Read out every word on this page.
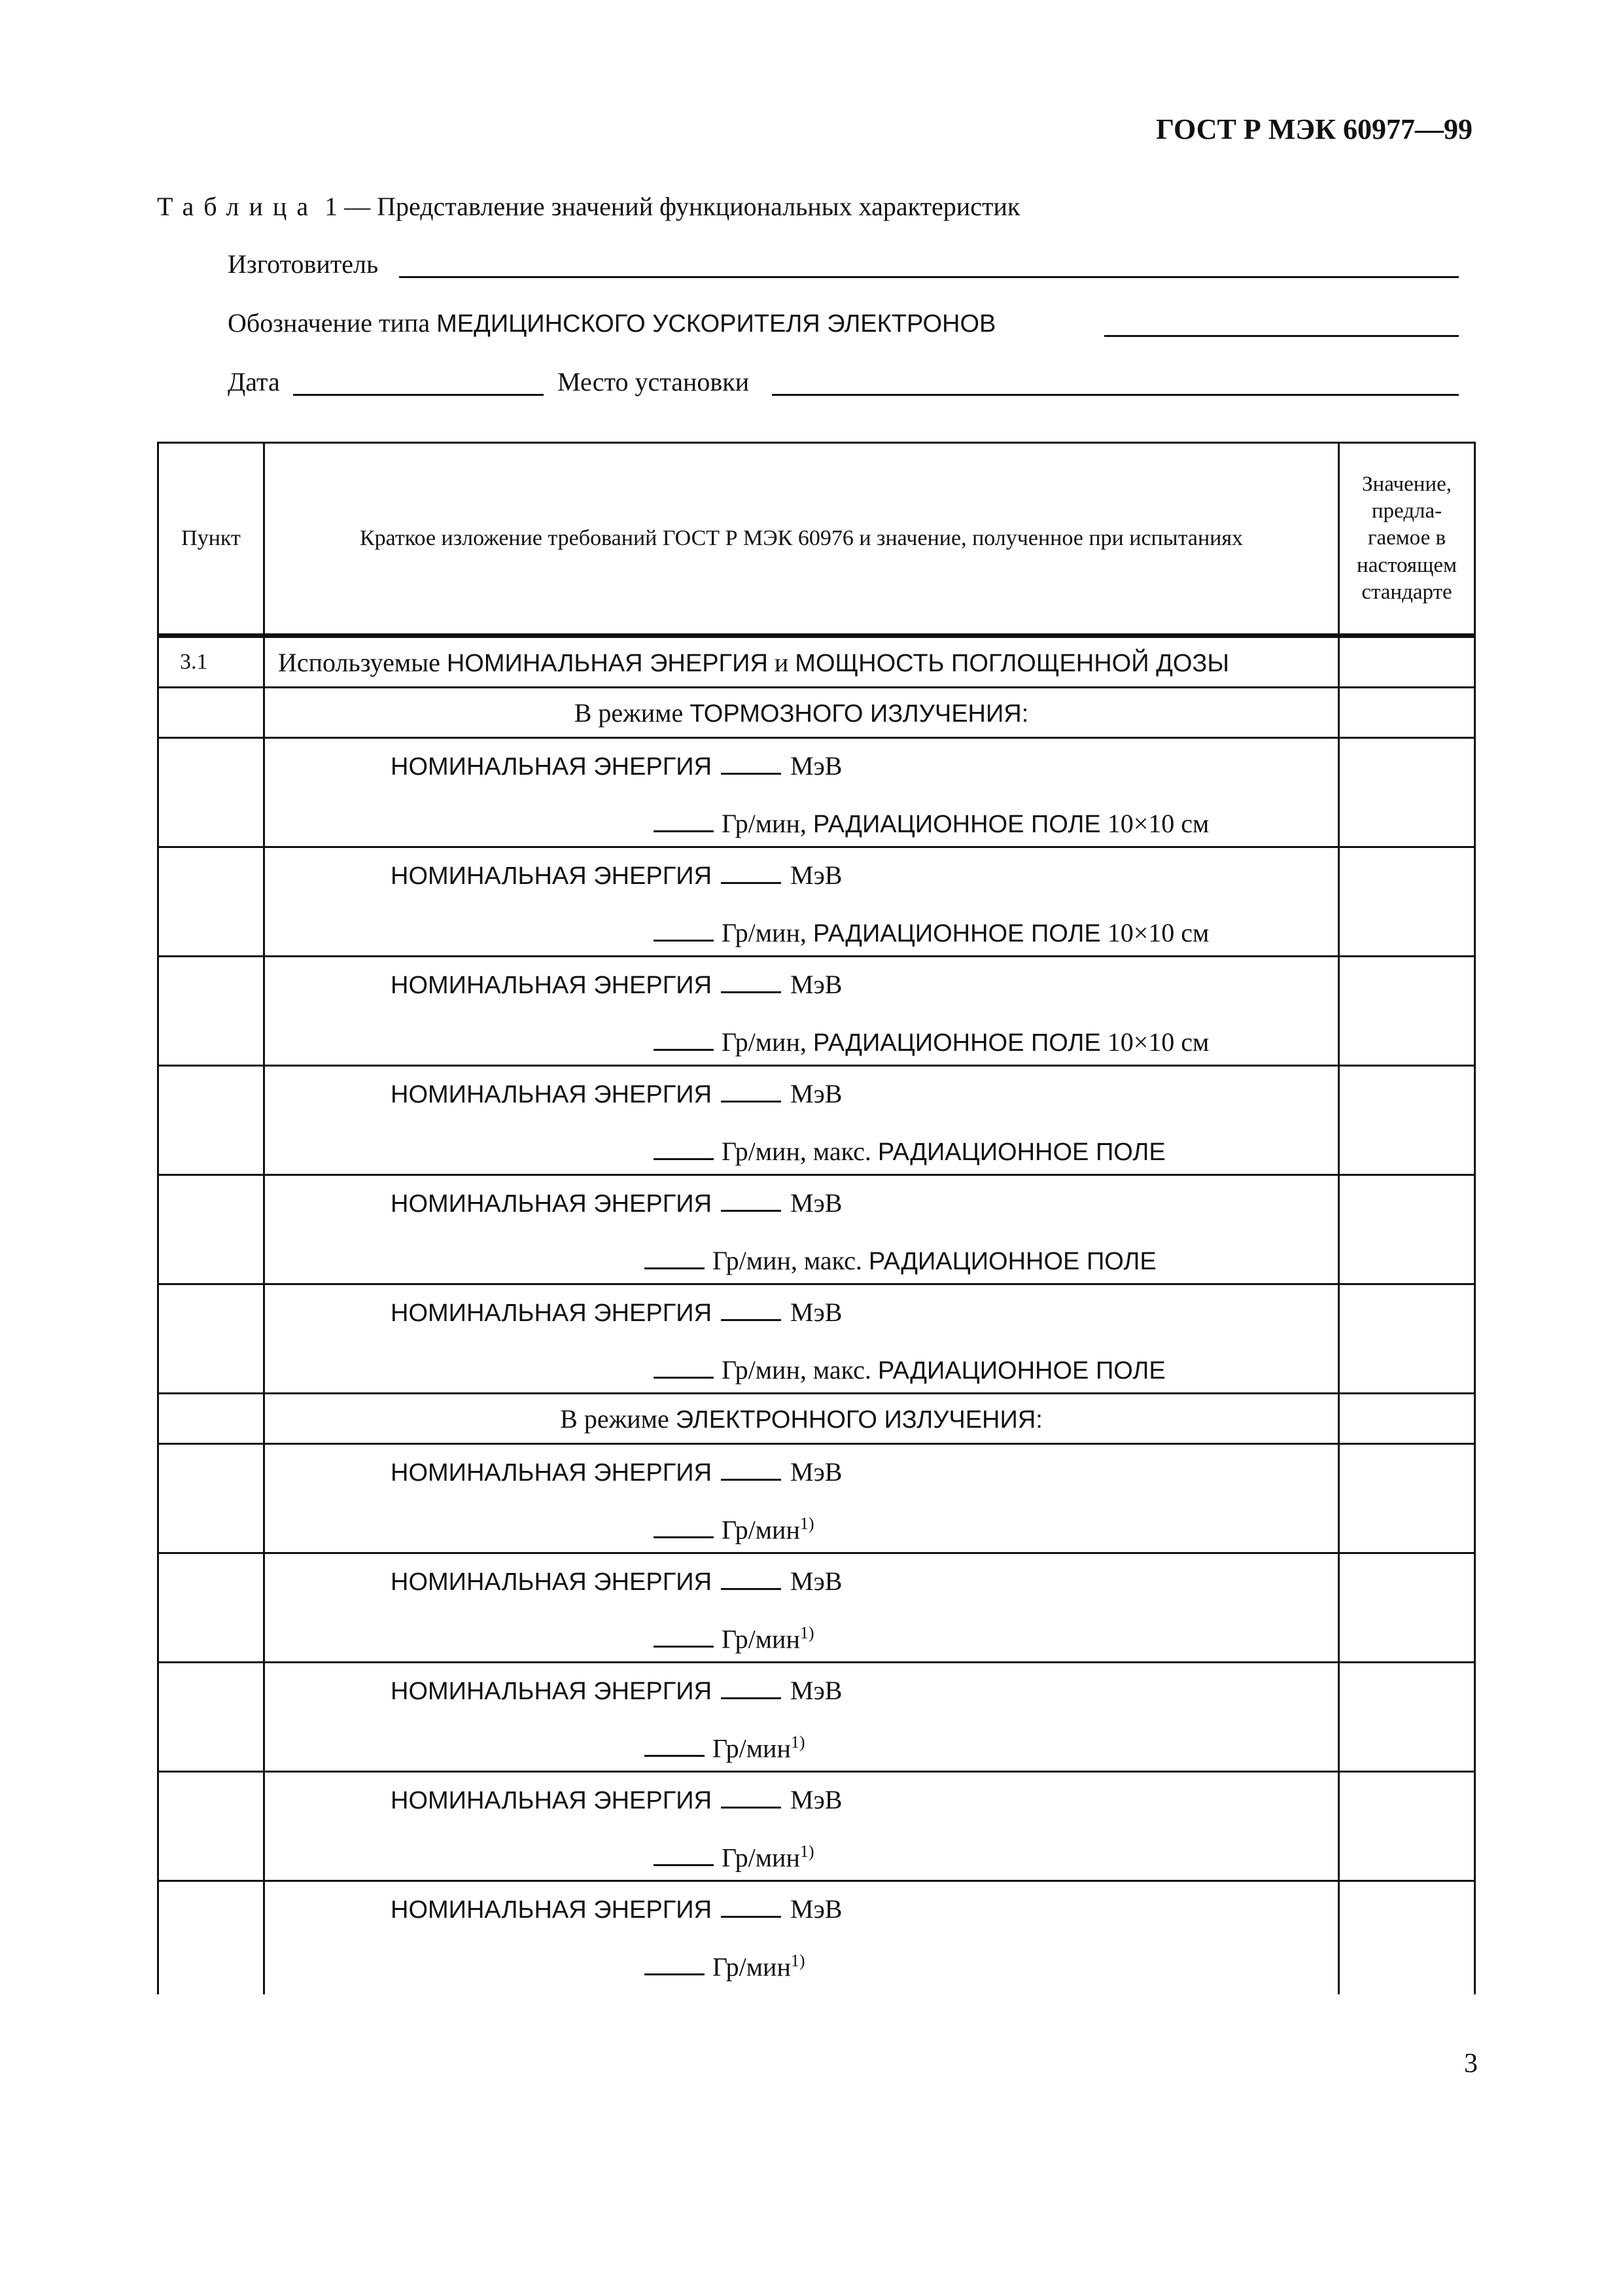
ГОСТ Р МЭК 60977—99
Таблица 1 — Представление значений функциональных характеристик
Изготовитель
Обозначение типа МЕДИЦИНСКОГО УСКОРИТЕЛЯ ЭЛЕКТРОНОВ
Дата	Место установки
Пункт	Краткое изложение требований ГОСТ Р МЭК 60976 и значение, полученное при испытаниях	Значение,
предла-
гаемое в
настоящем
стандарте

3.1	Используемые НОМИНАЛЬНАЯ ЭНЕРГИЯ и МОЩНОСТЬ ПОГЛОЩЕННОЙ ДОЗЫ	
	В режиме ТОРМОЗНОГО ИЗЛУЧЕНИЯ:	

	НОМИНАЛЬНАЯ ЭНЕРГИЯ МэВ
Гр/мин, РАДИАЦИОННОЕ ПОЛЕ 10×10 см	

	НОМИНАЛЬНАЯ ЭНЕРГИЯ МэВ
Гр/мин, РАДИАЦИОННОЕ ПОЛЕ 10×10 см	

	НОМИНАЛЬНАЯ ЭНЕРГИЯ МэВ
Гр/мин, РАДИАЦИОННОЕ ПОЛЕ 10×10 см	

	НОМИНАЛЬНАЯ ЭНЕРГИЯ МэВ
Гр/мин, макс. РАДИАЦИОННОЕ ПОЛЕ	

	НОМИНАЛЬНАЯ ЭНЕРГИЯ МэВ
Гр/мин, макс. РАДИАЦИОННОЕ ПОЛЕ	

	НОМИНАЛЬНАЯ ЭНЕРГИЯ МэВ
Гр/мин, макс. РАДИАЦИОННОЕ ПОЛЕ	

	В режиме ЭЛЕКТРОННОГО ИЗЛУЧЕНИЯ:	

	НОМИНАЛЬНАЯ ЭНЕРГИЯ МэВ
Гр/мин$^{1)}$

	НОМИНАЛЬНАЯ ЭНЕРГИЯ МэВ
Гр/мин$^{1)}$

	НОМИНАЛЬНАЯ ЭНЕРГИЯ МэВ
Гр/мин$^{1)}$

	НОМИНАЛЬНАЯ ЭНЕРГИЯ МэВ
Гр/мин$^{1)}$

	НОМИНАЛЬНАЯ ЭНЕРГИЯ МэВ
Гр/мин$^{1)}$

3
